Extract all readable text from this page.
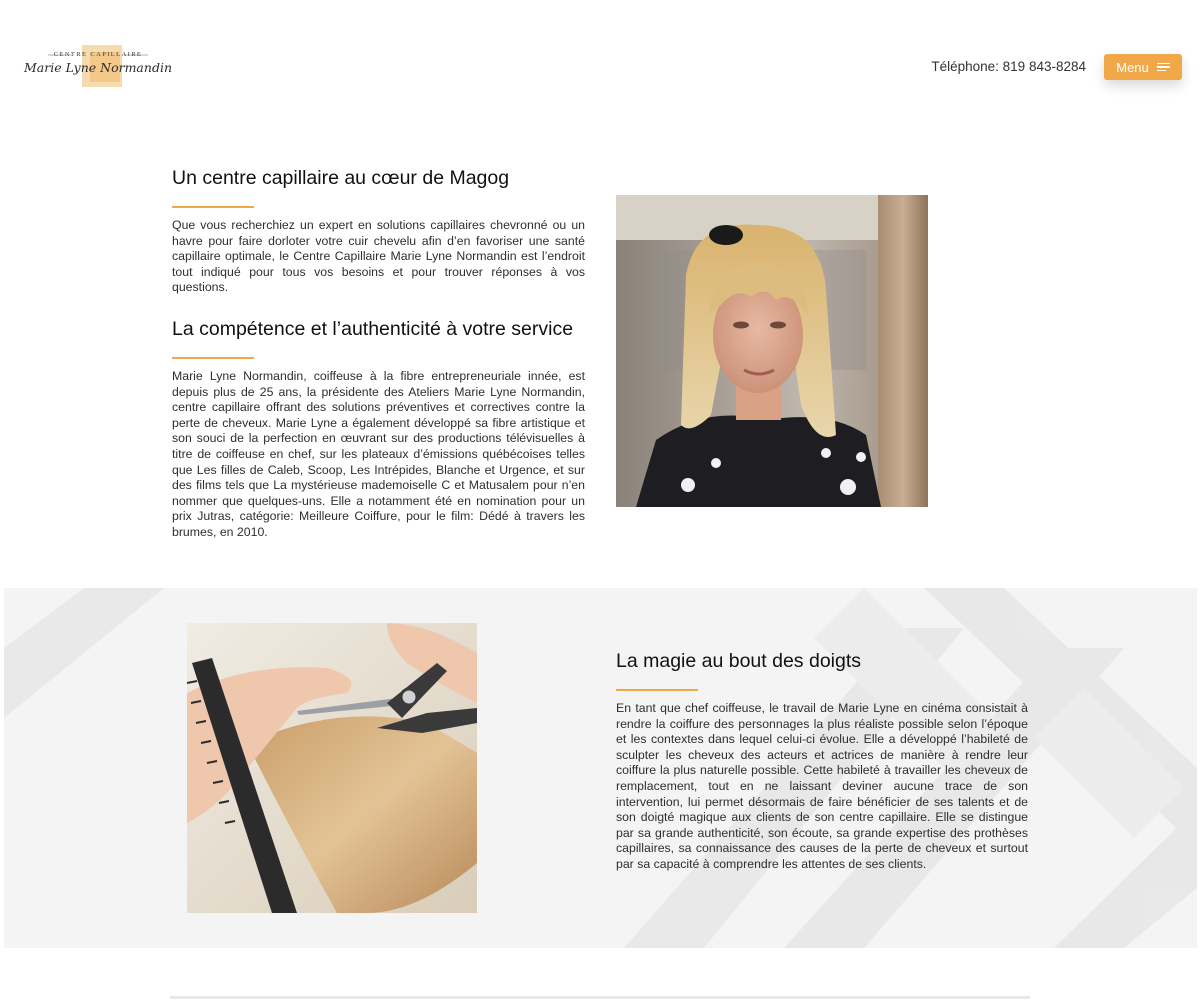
CENTRE CAPILLAIRE
Marie Lyne Normandin	Téléphone: 819 843-8284 Menu
Un centre capillaire au cœur de Magog

Que vous recherchiez un expert en solutions capillaires chevronné ou un havre pour faire dorloter votre cuir chevelu afin d’en favoriser une santé capillaire optimale, le Centre Capillaire Marie Lyne Normandin est l’endroit tout indiqué pour tous vos besoins et pour trouver réponses à vos questions.

La compétence et l’authenticité à votre service

Marie Lyne Normandin, coiffeuse à la fibre entrepreneuriale innée, est depuis plus de 25 ans, la présidente des Ateliers Marie Lyne Normandin, centre capillaire offrant des solutions préventives et correctives contre la perte de cheveux. Marie Lyne a également développé sa fibre artistique et son souci de la perfection en œuvrant sur des productions télévisuelles à titre de coiffeuse en chef, sur les plateaux d’émissions québécoises telles que Les filles de Caleb, Scoop, Les Intrépides, Blanche et Urgence, et sur des films tels que La mystérieuse mademoiselle C et Matusalem pour n’en nommer que quelques-uns. Elle a notamment été en nomination pour un prix Jutras, catégorie: Meilleure Coiffure, pour le film: Dédé à travers les brumes, en 2010.

La magie au bout des doigts

En tant que chef coiffeuse, le travail de Marie Lyne en cinéma consistait à rendre la coiffure des personnages la plus réaliste possible selon l’époque et les contextes dans lequel celui-ci évolue. Elle a développé l’habileté de sculpter les cheveux des acteurs et actrices de manière à rendre leur coiffure la plus naturelle possible. Cette habileté à travailler les cheveux de remplacement, tout en ne laissant deviner aucune trace de son intervention, lui permet désormais de faire bénéficier de ses talents et de son doigté magique aux clients de son centre capillaire. Elle se distingue par sa grande authenticité, son écoute, sa grande expertise des prothèses capillaires, sa connaissance des causes de la perte de cheveux et surtout par sa capacité à comprendre les attentes de ses clients.
